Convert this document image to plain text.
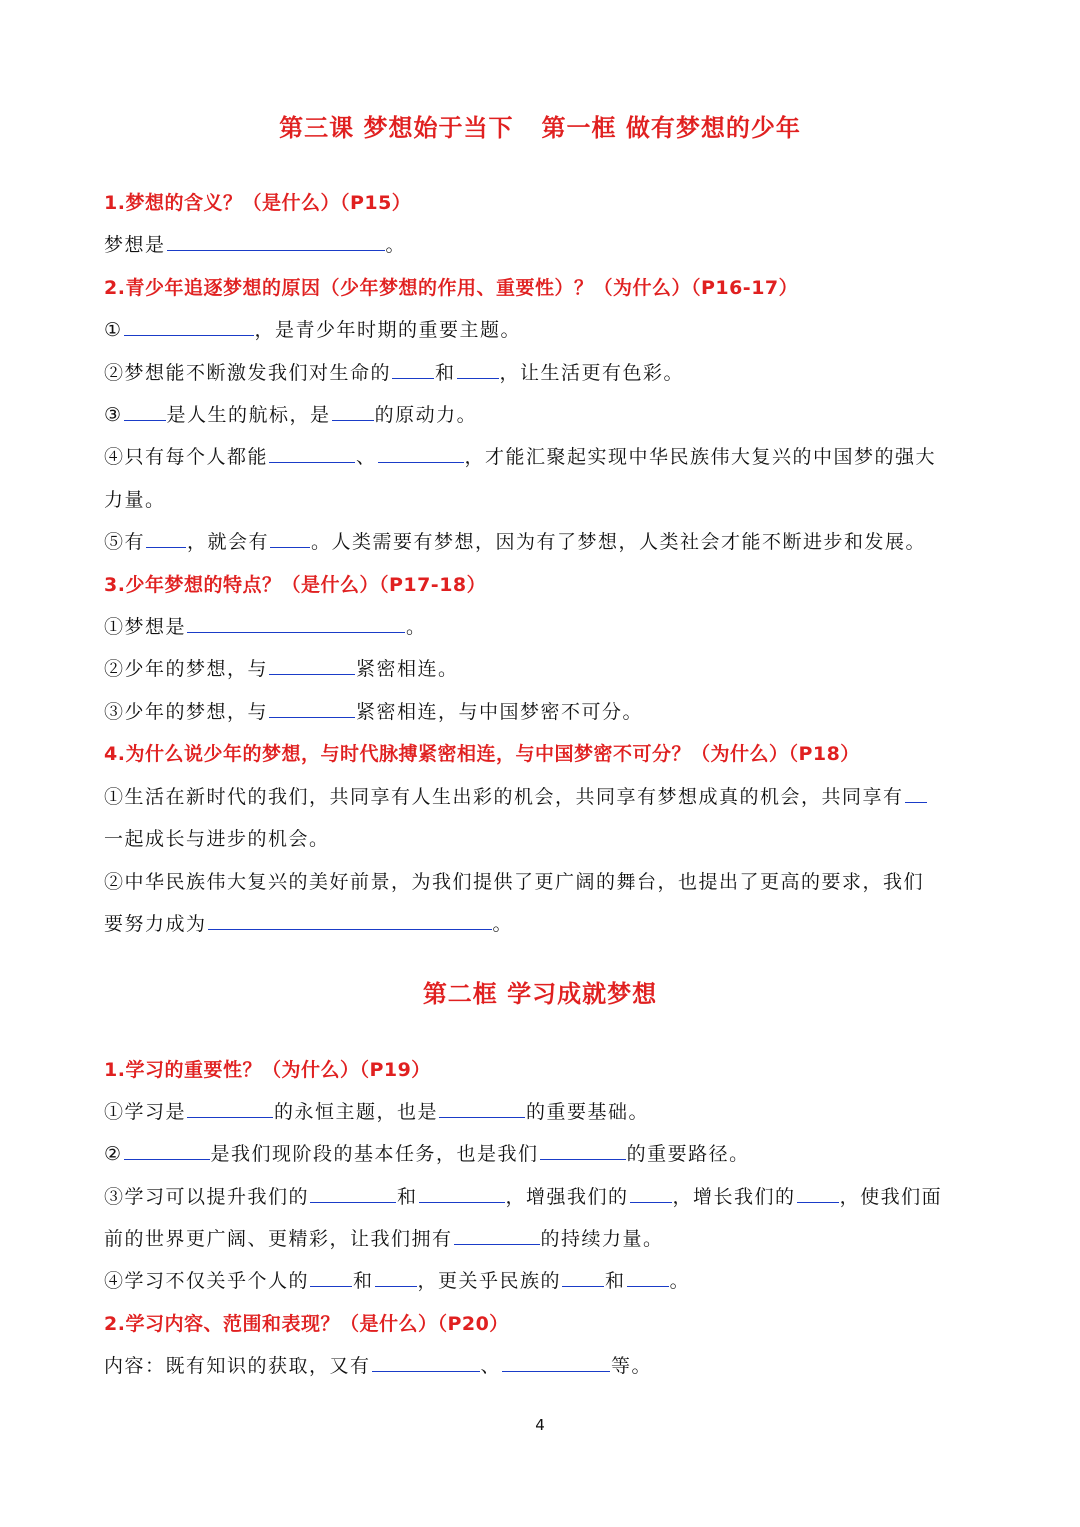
第三课 梦想始于当下   第一框 做有梦想的少年
1.梦想的含义？（是什么）（P15）
梦想是	。
2.青少年追逐梦想的原因（少年梦想的作用、重要性）？（为什么）（P16-17）
①	，是青少年时期的重要主题。
②梦想能不断激发我们对生命的 和 ，让生活更有色彩。
③ 是人生的航标，是 的原动力。
④只有每个人都能	、	，才能汇聚起实现中华民族伟大复兴的中国梦的强大
力量。
⑤有 ，就会有 。人类需要有梦想，因为有了梦想，人类社会才能不断进步和发展。
3.少年梦想的特点？（是什么）（P17-18）
①梦想是	。
②少年的梦想，与	紧密相连。
③少年的梦想，与	紧密相连，与中国梦密不可分。
4.为什么说少年的梦想，与时代脉搏紧密相连，与中国梦密不可分？（为什么）（P18）
①生活在新时代的我们，共同享有人生出彩的机会，共同享有梦想成真的机会，共同享有
一起成长与进步的机会。
②中华民族伟大复兴的美好前景，为我们提供了更广阔的舞台，也提出了更高的要求，我们
要努力成为	。
第二框 学习成就梦想
1.学习的重要性？（为什么）（P19）
①学习是	的永恒主题，也是	的重要基础。
②	是我们现阶段的基本任务，也是我们	的重要路径。
③学习可以提升我们的	和	，增强我们的 ，增长我们的 ，使我们面
前的世界更广阔、更精彩，让我们拥有	的持续力量。
④学习不仅关乎个人的 和 ，更关乎民族的 和 。
2.学习内容、范围和表现？（是什么）（P20）
内容：既有知识的获取，又有	、	等。
4
